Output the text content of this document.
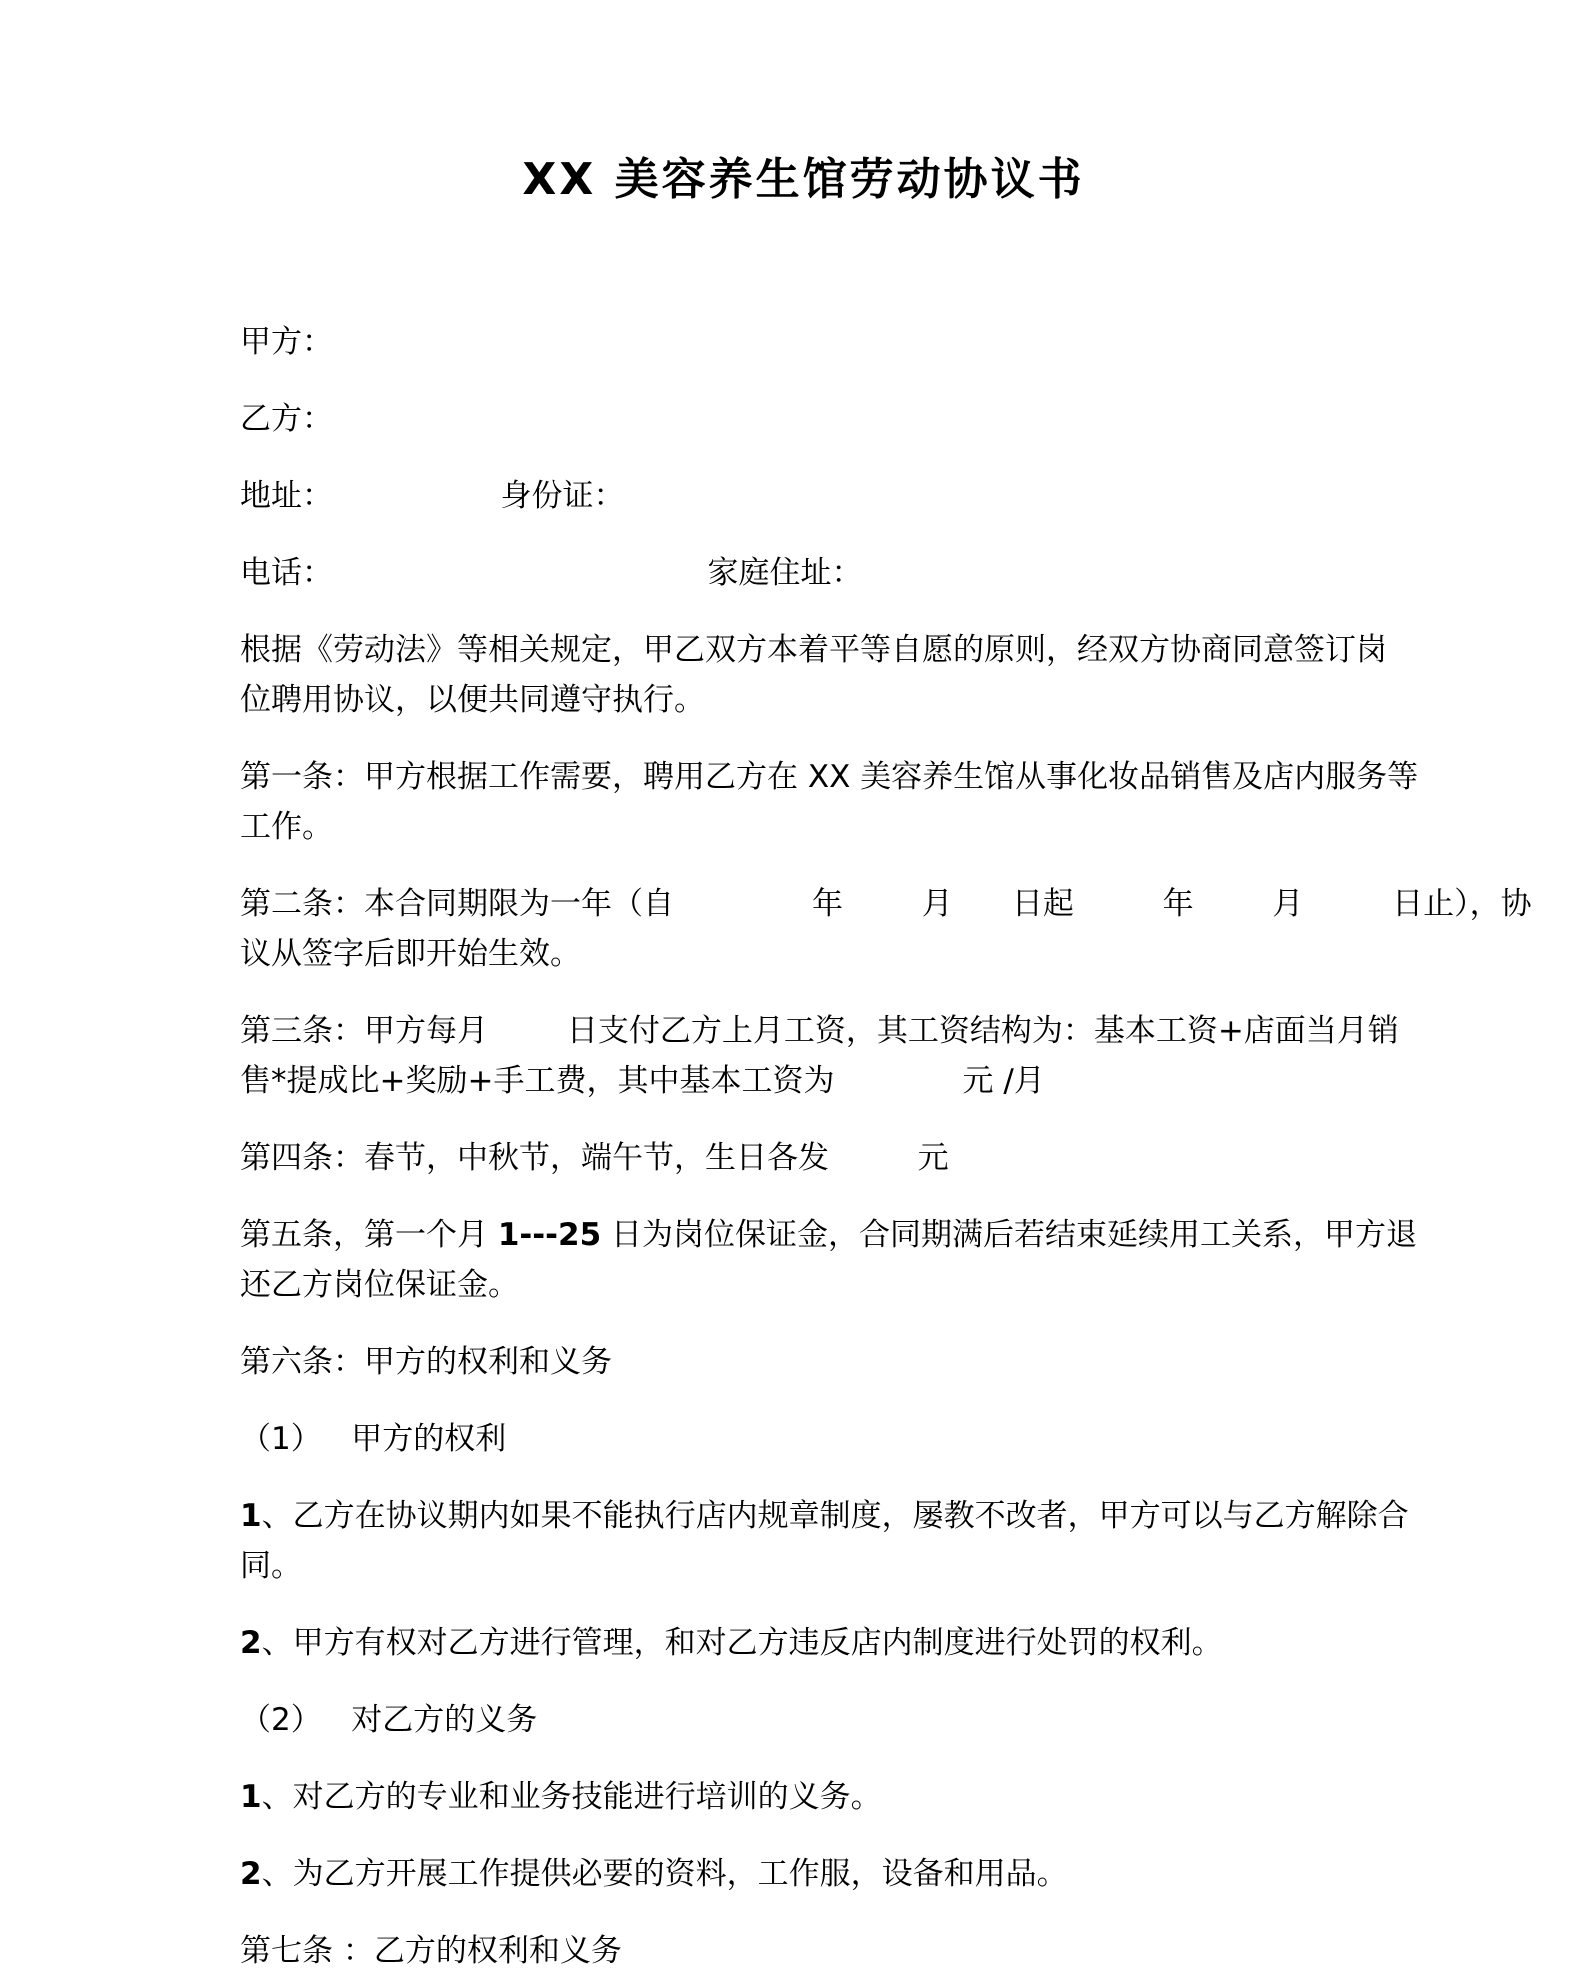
XX 美容养生馆劳动协议书
甲方：
乙方：
地址：                 身份证：
电话：                                      家庭住址：
根据《劳动法》等相关规定，甲乙双方本着平等自愿的原则，经双方协商同意签订岗
位聘用协议，以便共同遵守执行。
第一条：甲方根据工作需要，聘用乙方在 XX 美容养生馆从事化妆品销售及店内服务等
工作。
第二条：本合同期限为一年（自              年        月      日起         年        月         日止），协
议从签字后即开始生效。
第三条：甲方每月        日支付乙方上月工资，其工资结构为：基本工资+店面当月销
售*提成比+奖励+手工费，其中基本工资为             元 /月
第四条：春节，中秋节，端午节，生日各发         元
第五条，第一个月 1---25 日为岗位保证金，合同期满后若结束延续用工关系，甲方退
还乙方岗位保证金。
第六条：甲方的权利和义务
（1）   甲方的权利
1、乙方在协议期内如果不能执行店内规章制度，屡教不改者，甲方可以与乙方解除合
同。
2、甲方有权对乙方进行管理，和对乙方违反店内制度进行处罚的权利。
（2）   对乙方的义务
1、对乙方的专业和业务技能进行培训的义务。
2、为乙方开展工作提供必要的资料，工作服，设备和用品。
第七条 ：乙方的权利和义务
